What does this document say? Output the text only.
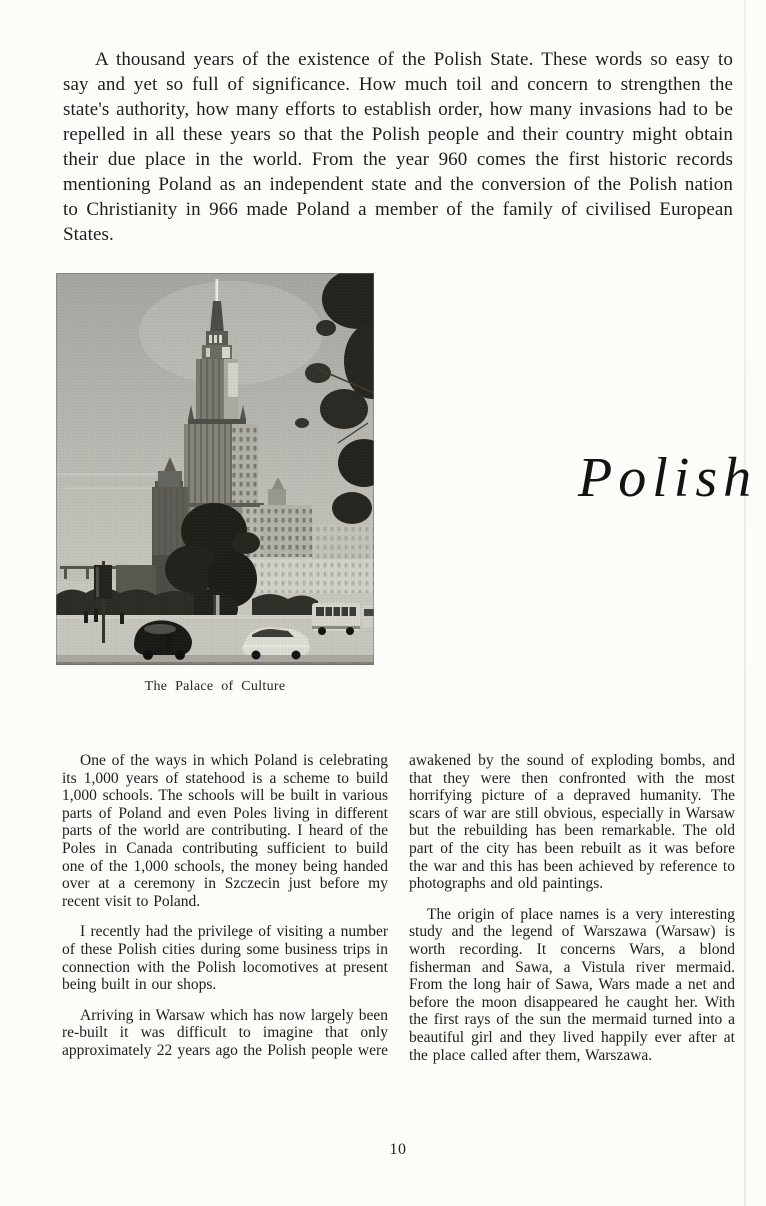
A thousand years of the existence of the Polish State. These words so easy to say and yet so full of significance. How much toil and concern to strengthen the state's authority, how many efforts to establish order, how many invasions had to be repelled in all these years so that the Polish people and their country might obtain their due place in the world. From the year 960 comes the first historic records mentioning Poland as an independent state and the conversion of the Polish nation to Christianity in 966 made Poland a member of the family of civilised European States.

The Palace of Culture
Polish

One of the ways in which Poland is celebrating its 1,000 years of statehood is a scheme to build 1,000 schools. The schools will be built in various parts of Poland and even Poles living in different parts of the world are contributing. I heard of the Poles in Canada contributing sufficient to build one of the 1,000 schools, the money being handed over at a ceremony in Szczecin just before my recent visit to Poland.

I recently had the privilege of visiting a number of these Polish cities during some business trips in connection with the Polish locomotives at present being built in our shops.

Arriving in Warsaw which has now largely been re-built it was difficult to imagine that only approximately 22 years ago the Polish people were

awakened by the sound of exploding bombs, and that they were then confronted with the most horrifying picture of a depraved humanity. The scars of war are still obvious, especially in Warsaw but the rebuilding has been remarkable. The old part of the city has been rebuilt as it was before the war and this has been achieved by reference to photographs and old paintings.

The origin of place names is a very interesting study and the legend of Warszawa (Warsaw) is worth recording. It concerns Wars, a blond fisherman and Sawa, a Vistula river mermaid. From the long hair of Sawa, Wars made a net and before the moon disappeared he caught her. With the first rays of the sun the mermaid turned into a beautiful girl and they lived happily ever after at the place called after them, Warszawa.

10
